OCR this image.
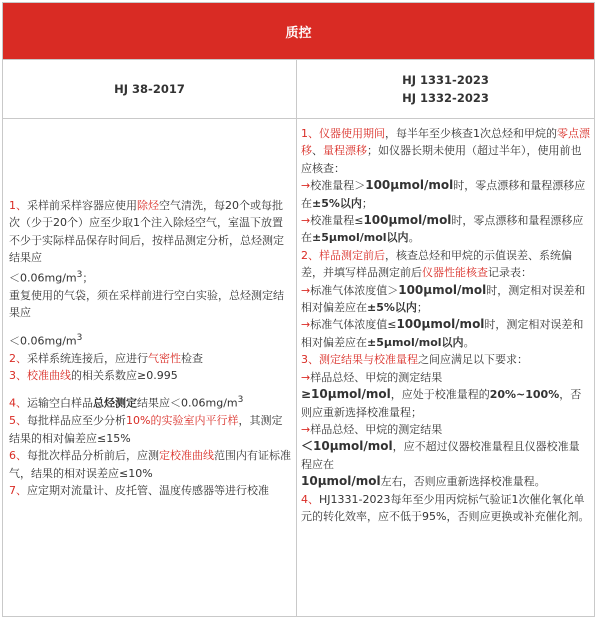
质控
HJ 38-2017
HJ 1331-2023
HJ 1332-2023

1、采样前采样容器应使用除烃空气清洗，每20个或每批次（少于20个）应至少取1个注入除烃空气，室温下放置不少于实际样品保存时间后，按样品测定分析，总烃测定结果应

$<0.06mg/m^3$；

重复使用的气袋，须在采样前进行空白实验，总烃测定结果应

$<0.06mg/m^3$

2、采样系统连接后，应进行气密性检查

3、校准曲线的相关系数应≥0.995

4、运输空白样品总烃测定结果应$<0.06mg/m^3$

5、每批样品应至少分析10%的实验室内平行样，其测定结果的相对偏差应≤15%

6、每批次样品分析前后，应测定校准曲线范围内有证标准气，结果的相对误差应≤10%

7、应定期对流量计、皮托管、温度传感器等进行校准

1、仪器使用期间，每半年至少核查1次总烃和甲烷的零点漂移、量程漂移；如仪器长期未使用（超过半年），使用前也应核查：

→校准量程＞100μmol/mol时，零点漂移和量程漂移应在±5%以内；

→校准量程≤100μmol/mol时，零点漂移和量程漂移应在±5μmol/mol以内。

2、样品测定前后，核查总烃和甲烷的示值误差、系统偏差，并填写样品测定前后仪器性能核查记录表：

→标准气体浓度值＞100μmol/mol时，测定相对误差和相对偏差应在±5%以内；

→标准气体浓度值≤100μmol/mol时，测定相对误差和相对偏差应在±5μmol/mol以内。

3、测定结果与校准量程之间应满足以下要求：

→样品总烃、甲烷的测定结果
≥10μmol/mol，应处于校准量程的20%~100%，否则应重新选择校准量程；

→样品总烃、甲烷的测定结果
＜10μmol/mol，应不超过仪器校准量程且仪器校准量程应在
10μmol/mol左右，否则应重新选择校准量程。

4、HJ1331-2023每年至少用丙烷标气验证1次催化氧化单元的转化效率，应不低于95%，否则应更换或补充催化剂。
